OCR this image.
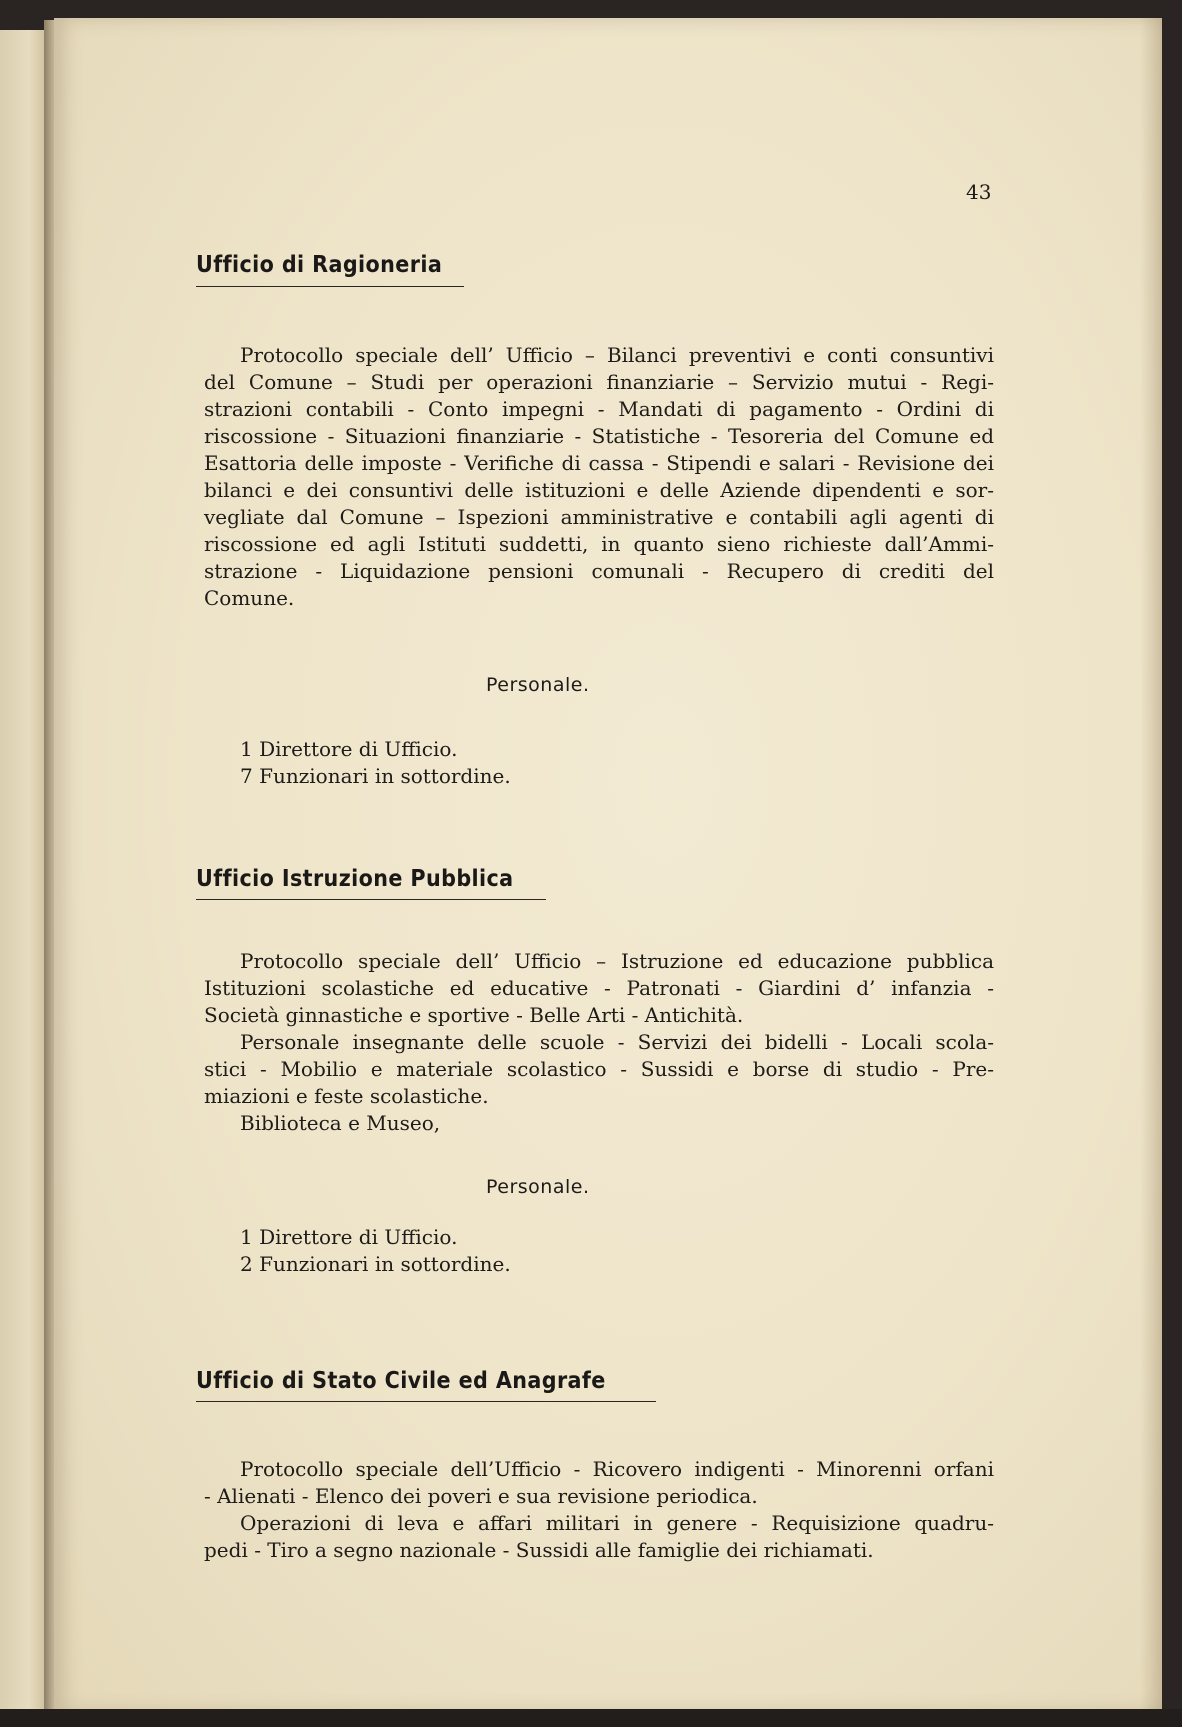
43
Ufficio di Ragioneria
Protocollo speciale dell’ Ufficio – Bilanci preventivi e conti consuntivi
del Comune – Studi per operazioni finanziarie – Servizio mutui - Regi-
strazioni contabili - Conto impegni - Mandati di pagamento - Ordini di
riscossione - Situazioni finanziarie - Statistiche - Tesoreria del Comune ed
Esattoria delle imposte - Verifiche di cassa - Stipendi e salari - Revisione dei
bilanci e dei consuntivi delle istituzioni e delle Aziende dipendenti e sor-
vegliate dal Comune – Ispezioni amministrative e contabili agli agenti di
riscossione ed agli Istituti suddetti, in quanto sieno richieste dall’Ammi-
strazione - Liquidazione pensioni comunali - Recupero di crediti del
Comune.
Personale.
1 Direttore di Ufficio.
7 Funzionari in sottordine.
Ufficio Istruzione Pubblica
Protocollo speciale dell’ Ufficio – Istruzione ed educazione pubblica
Istituzioni scolastiche ed educative - Patronati - Giardini d’ infanzia -
Società ginnastiche e sportive - Belle Arti - Antichità.
Personale insegnante delle scuole - Servizi dei bidelli - Locali scola-
stici - Mobilio e materiale scolastico - Sussidi e borse di studio - Pre-
miazioni e feste scolastiche.
Biblioteca e Museo,
Personale.
1 Direttore di Ufficio.
2 Funzionari in sottordine.
Ufficio di Stato Civile ed Anagrafe
Protocollo speciale dell’Ufficio - Ricovero indigenti - Minorenni orfani
- Alienati - Elenco dei poveri e sua revisione periodica.
Operazioni di leva e affari militari in genere - Requisizione quadru-
pedi - Tiro a segno nazionale - Sussidi alle famiglie dei richiamati.
